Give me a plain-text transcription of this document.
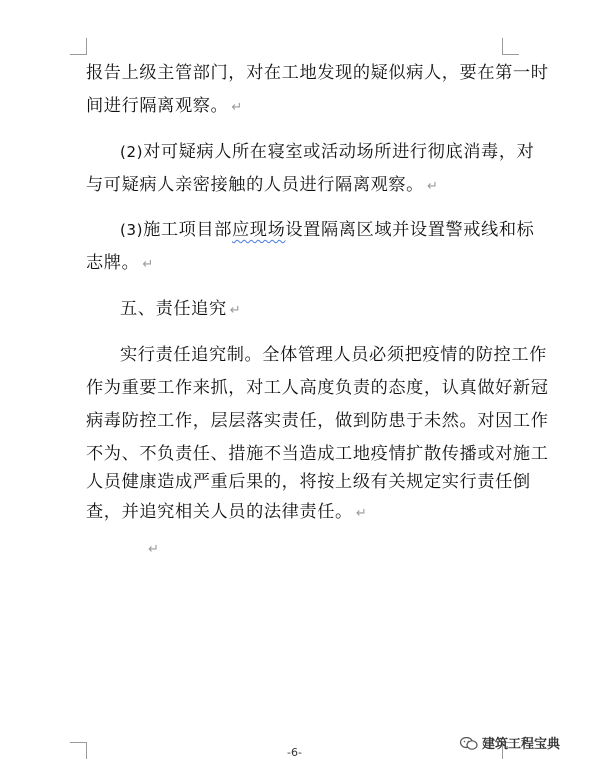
报告上级主管部门，对在工地发现的疑似病人，要在第一时
间进行隔离观察。 ↵
(2)对可疑病人所在寝室或活动场所进行彻底消毒，对
与可疑病人亲密接触的人员进行隔离观察。 ↵
(3)施工项目部应现场设置隔离区域并设置警戒线和标
志牌。 ↵
五、责任追究 ↵
实行责任追究制。全体管理人员必须把疫情的防控工作
作为重要工作来抓，对工人高度负责的态度，认真做好新冠
病毒防控工作，层层落实责任，做到防患于未然。对因工作
不为、不负责任、措施不当造成工地疫情扩散传播或对施工
人员健康造成严重后果的，将按上级有关规定实行责任倒
查，并追究相关人员的法律责任。 ↵
↵
-6-
建筑工程宝典
